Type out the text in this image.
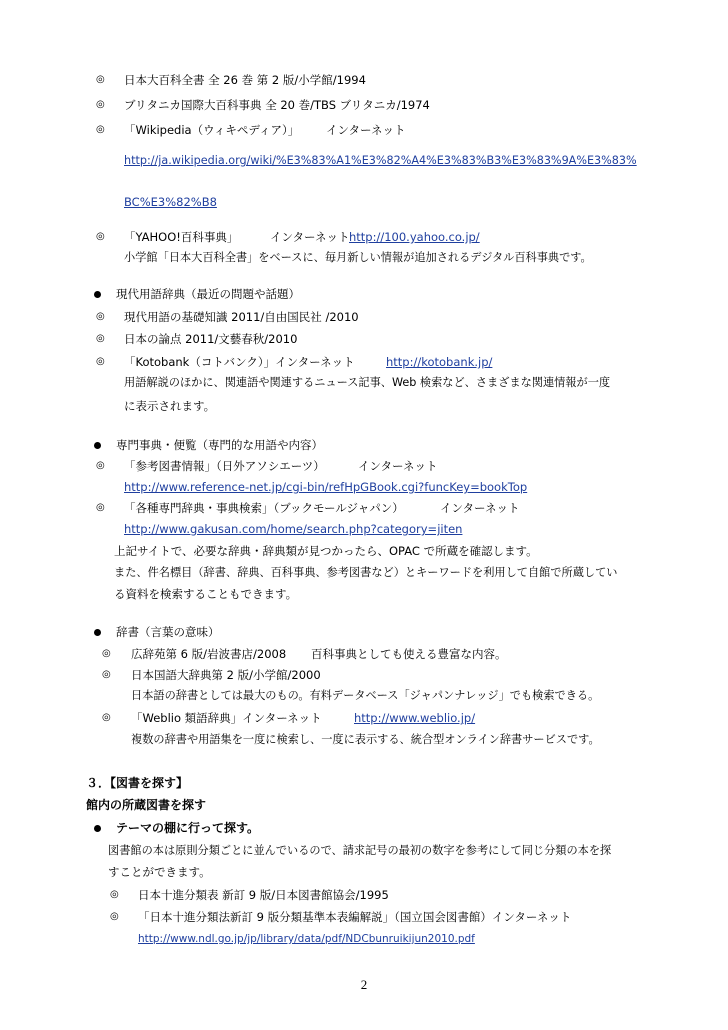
◎ 日本大百科全書 全 26 巻 第 2 版/小学館/1994
◎ ブリタニカ国際大百科事典 全 20 巻/TBS ブリタニカ/1974
◎ 「Wikipedia（ウィキペディア）」 インターネット
http://ja.wikipedia.org/wiki/%E3%83%A1%E3%82%A4%E3%83%B3%E3%83%9A%E3%83%
BC%E3%82%B8
◎ 「YAHOO!百科事典」	インターネット http://100.yahoo.co.jp/
小学館「日本大百科全書」をベースに、毎月新しい情報が追加されるデジタル百科事典です。
現代用語辞典（最近の問題や話題）
◎ 現代用語の基礎知識 2011/自由国民社 /2010
◎ 日本の論点 2011/文藝春秋/2010
◎ 「Kotobank（コトバンク）」インターネット	http://kotobank.jp/
用語解説のほかに、関連語や関連するニュース記事、Web 検索など、さまざまな関連情報が一度
に表示されます。
専門事典・便覧（専門的な用語や内容）
◎ 「参考図書情報」（日外アソシエーツ）	インターネット
http://www.reference-net.jp/cgi-bin/refHpGBook.cgi?funcKey=bookTop
◎ 「各種専門辞典・事典検索」（ブックモールジャパン）	インターネット
http://www.gakusan.com/home/search.php?category=jiten
上記サイトで、必要な辞典・辞典類が見つかったら、OPAC で所蔵を確認します。
また、件名標目（辞書、辞典、百科事典、参考図書など）とキーワードを利用して自館で所蔵してい
る資料を検索することもできます。
辞書（言葉の意味）
◎ 広辞苑第 6 版/岩波書店/2008 百科事典としても使える豊富な内容。
◎ 日本国語大辞典第 2 版/小学館/2000
日本語の辞書としては最大のもの。有料データベース「ジャパンナレッジ」でも検索できる。
◎ 「Weblio 類語辞典」インターネット	http://www.weblio.jp/
複数の辞書や用語集を一度に検索し、一度に表示する、統合型オンライン辞書サービスです。
３．【図書を探す】
館内の所蔵図書を探す
テーマの棚に行って探す。
図書館の本は原則分類ごとに並んでいるので、請求記号の最初の数字を参考にして同じ分類の本を探
すことができます。
◎ 日本十進分類表 新訂 9 版/日本図書館協会/1995
◎ 「日本十進分類法新訂 9 版分類基準本表編解説」（国立国会図書館）インターネット
http://www.ndl.go.jp/jp/library/data/pdf/NDCbunruikijun2010.pdf
2
